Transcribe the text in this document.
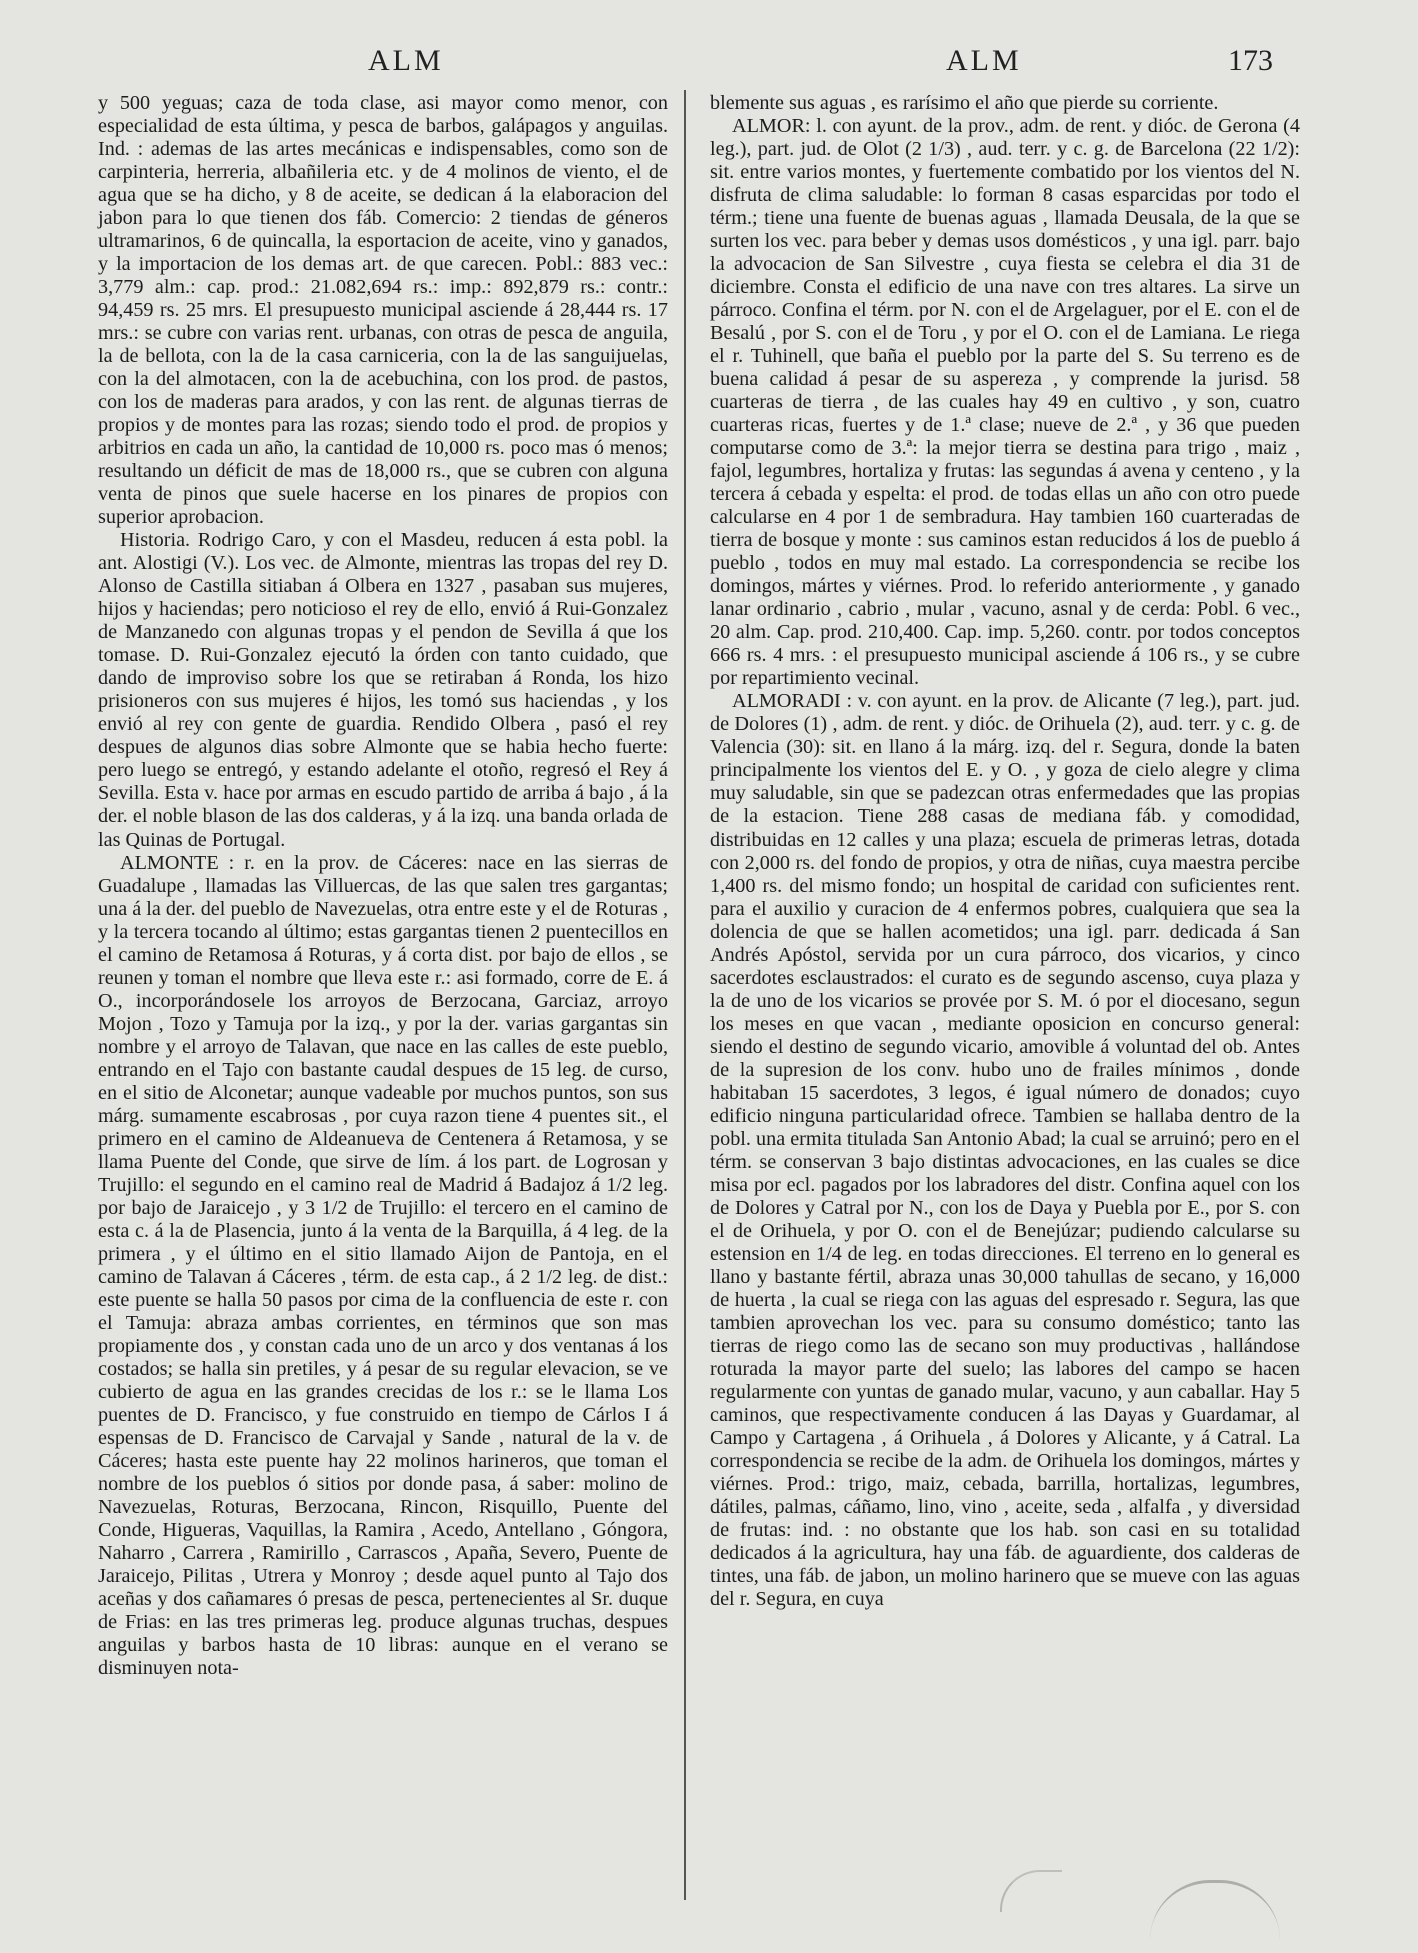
ALM	ALM	173

y 500 yeguas; caza de toda clase, asi mayor como menor, con especialidad de esta última, y pesca de barbos, galápagos y anguilas. Ind. : ademas de las artes mecánicas e indispensables, como son de carpinteria, herreria, albañileria etc. y de 4 molinos de viento, el de agua que se ha dicho, y 8 de aceite, se dedican á la elaboracion del jabon para lo que tienen dos fáb. Comercio: 2 tiendas de géneros ultramarinos, 6 de quincalla, la esportacion de aceite, vino y ganados, y la importacion de los demas art. de que carecen. Pobl.: 883 vec.: 3,779 alm.: cap. prod.: 21.082,694 rs.: imp.: 892,879 rs.: contr.: 94,459 rs. 25 mrs. El presupuesto municipal asciende á 28,444 rs. 17 mrs.: se cubre con varias rent. urbanas, con otras de pesca de anguila, la de bellota, con la de la casa carniceria, con la de las sanguijuelas, con la del almotacen, con la de acebuchina, con los prod. de pastos, con los de maderas para arados, y con las rent. de algunas tierras de propios y de montes para las rozas; siendo todo el prod. de propios y arbitrios en cada un año, la cantidad de 10,000 rs. poco mas ó menos; resultando un déficit de mas de 18,000 rs., que se cubren con alguna venta de pinos que suele hacerse en los pinares de propios con superior aprobacion.

Historia. Rodrigo Caro, y con el Masdeu, reducen á esta pobl. la ant. Alostigi (V.). Los vec. de Almonte, mientras las tropas del rey D. Alonso de Castilla sitiaban á Olbera en 1327 , pasaban sus mujeres, hijos y haciendas; pero noticioso el rey de ello, envió á Rui-Gonzalez de Manzanedo con algunas tropas y el pendon de Sevilla á que los tomase. D. Rui-Gonzalez ejecutó la órden con tanto cuidado, que dando de improviso sobre los que se retiraban á Ronda, los hizo prisioneros con sus mujeres é hijos, les tomó sus haciendas , y los envió al rey con gente de guardia. Rendido Olbera , pasó el rey despues de algunos dias sobre Almonte que se habia hecho fuerte: pero luego se entregó, y estando adelante el otoño, regresó el Rey á Sevilla. Esta v. hace por armas en escudo partido de arriba á bajo , á la der. el noble blason de las dos calderas, y á la izq. una banda orlada de las Quinas de Portugal.

ALMONTE : r. en la prov. de Cáceres: nace en las sierras de Guadalupe , llamadas las Villuercas, de las que salen tres gargantas; una á la der. del pueblo de Navezuelas, otra entre este y el de Roturas , y la tercera tocando al último; estas gargantas tienen 2 puentecillos en el camino de Retamosa á Roturas, y á corta dist. por bajo de ellos , se reunen y toman el nombre que lleva este r.: asi formado, corre de E. á O., incorporándosele los arroyos de Berzocana, Garciaz, arroyo Mojon , Tozo y Tamuja por la izq., y por la der. varias gargantas sin nombre y el arroyo de Talavan, que nace en las calles de este pueblo, entrando en el Tajo con bastante caudal despues de 15 leg. de curso, en el sitio de Alconetar; aunque vadeable por muchos puntos, son sus márg. sumamente escabrosas , por cuya razon tiene 4 puentes sit., el primero en el camino de Aldeanueva de Centenera á Retamosa, y se llama Puente del Conde, que sirve de lím. á los part. de Logrosan y Trujillo: el segundo en el camino real de Madrid á Badajoz á 1/2 leg. por bajo de Jaraicejo , y 3 1/2 de Trujillo: el tercero en el camino de esta c. á la de Plasencia, junto á la venta de la Barquilla, á 4 leg. de la primera , y el último en el sitio llamado Aijon de Pantoja, en el camino de Talavan á Cáceres , térm. de esta cap., á 2 1/2 leg. de dist.: este puente se halla 50 pasos por cima de la confluencia de este r. con el Tamuja: abraza ambas corrientes, en términos que son mas propiamente dos , y constan cada uno de un arco y dos ventanas á los costados; se halla sin pretiles, y á pesar de su regular elevacion, se ve cubierto de agua en las grandes crecidas de los r.: se le llama Los puentes de D. Francisco, y fue construido en tiempo de Cárlos I á espensas de D. Francisco de Carvajal y Sande , natural de la v. de Cáceres; hasta este puente hay 22 molinos harineros, que toman el nombre de los pueblos ó sitios por donde pasa, á saber: molino de Navezuelas, Roturas, Berzocana, Rincon, Risquillo, Puente del Conde, Higueras, Vaquillas, la Ramira , Acedo, Antellano , Góngora, Naharro , Carrera , Ramirillo , Carrascos , Apaña, Severo, Puente de Jaraicejo, Pilitas , Utrera y Monroy ; desde aquel punto al Tajo dos aceñas y dos cañamares ó presas de pesca, pertenecientes al Sr. duque de Frias: en las tres primeras leg. produce algunas truchas, despues anguilas y barbos hasta de 10 libras: aunque en el verano se disminuyen nota-

blemente sus aguas , es rarísimo el año que pierde su corriente.

ALMOR: l. con ayunt. de la prov., adm. de rent. y dióc. de Gerona (4 leg.), part. jud. de Olot (2 1/3) , aud. terr. y c. g. de Barcelona (22 1/2): sit. entre varios montes, y fuertemente combatido por los vientos del N. disfruta de clima saludable: lo forman 8 casas esparcidas por todo el térm.; tiene una fuente de buenas aguas , llamada Deusala, de la que se surten los vec. para beber y demas usos domésticos , y una igl. parr. bajo la advocacion de San Silvestre , cuya fiesta se celebra el dia 31 de diciembre. Consta el edificio de una nave con tres altares. La sirve un párroco. Confina el térm. por N. con el de Argelaguer, por el E. con el de Besalú , por S. con el de Toru , y por el O. con el de Lamiana. Le riega el r. Tuhinell, que baña el pueblo por la parte del S. Su terreno es de buena calidad á pesar de su aspereza , y comprende la jurisd. 58 cuarteras de tierra , de las cuales hay 49 en cultivo , y son, cuatro cuarteras ricas, fuertes y de 1.ª clase; nueve de 2.ª , y 36 que pueden computarse como de 3.ª: la mejor tierra se destina para trigo , maiz , fajol, legumbres, hortaliza y frutas: las segundas á avena y centeno , y la tercera á cebada y espelta: el prod. de todas ellas un año con otro puede calcularse en 4 por 1 de sembradura. Hay tambien 160 cuarteradas de tierra de bosque y monte : sus caminos estan reducidos á los de pueblo á pueblo , todos en muy mal estado. La correspondencia se recibe los domingos, mártes y viérnes. Prod. lo referido anteriormente , y ganado lanar ordinario , cabrio , mular , vacuno, asnal y de cerda: Pobl. 6 vec., 20 alm. Cap. prod. 210,400. Cap. imp. 5,260. contr. por todos conceptos 666 rs. 4 mrs. : el presupuesto municipal asciende á 106 rs., y se cubre por repartimiento vecinal.

ALMORADI : v. con ayunt. en la prov. de Alicante (7 leg.), part. jud. de Dolores (1) , adm. de rent. y dióc. de Orihuela (2), aud. terr. y c. g. de Valencia (30): sit. en llano á la márg. izq. del r. Segura, donde la baten principalmente los vientos del E. y O. , y goza de cielo alegre y clima muy saludable, sin que se padezcan otras enfermedades que las propias de la estacion. Tiene 288 casas de mediana fáb. y comodidad, distribuidas en 12 calles y una plaza; escuela de primeras letras, dotada con 2,000 rs. del fondo de propios, y otra de niñas, cuya maestra percibe 1,400 rs. del mismo fondo; un hospital de caridad con suficientes rent. para el auxilio y curacion de 4 enfermos pobres, cualquiera que sea la dolencia de que se hallen acometidos; una igl. parr. dedicada á San Andrés Apóstol, servida por un cura párroco, dos vicarios, y cinco sacerdotes esclaustrados: el curato es de segundo ascenso, cuya plaza y la de uno de los vicarios se provée por S. M. ó por el diocesano, segun los meses en que vacan , mediante oposicion en concurso general: siendo el destino de segundo vicario, amovible á voluntad del ob. Antes de la supresion de los conv. hubo uno de frailes mínimos , donde habitaban 15 sacerdotes, 3 legos, é igual número de donados; cuyo edificio ninguna particularidad ofrece. Tambien se hallaba dentro de la pobl. una ermita titulada San Antonio Abad; la cual se arruinó; pero en el térm. se conservan 3 bajo distintas advocaciones, en las cuales se dice misa por ecl. pagados por los labradores del distr. Confina aquel con los de Dolores y Catral por N., con los de Daya y Puebla por E., por S. con el de Orihuela, y por O. con el de Benejúzar; pudiendo calcularse su estension en 1/4 de leg. en todas direcciones. El terreno en lo general es llano y bastante fértil, abraza unas 30,000 tahullas de secano, y 16,000 de huerta , la cual se riega con las aguas del espresado r. Segura, las que tambien aprovechan los vec. para su consumo doméstico; tanto las tierras de riego como las de secano son muy productivas , hallándose roturada la mayor parte del suelo; las labores del campo se hacen regularmente con yuntas de ganado mular, vacuno, y aun caballar. Hay 5 caminos, que respectivamente conducen á las Dayas y Guardamar, al Campo y Cartagena , á Orihuela , á Dolores y Alicante, y á Catral. La correspondencia se recibe de la adm. de Orihuela los domingos, mártes y viérnes. Prod.: trigo, maiz, cebada, barrilla, hortalizas, legumbres, dátiles, palmas, cáñamo, lino, vino , aceite, seda , alfalfa , y diversidad de frutas: ind. : no obstante que los hab. son casi en su totalidad dedicados á la agricultura, hay una fáb. de aguardiente, dos calderas de tintes, una fáb. de jabon, un molino harinero que se mueve con las aguas del r. Segura, en cuya
